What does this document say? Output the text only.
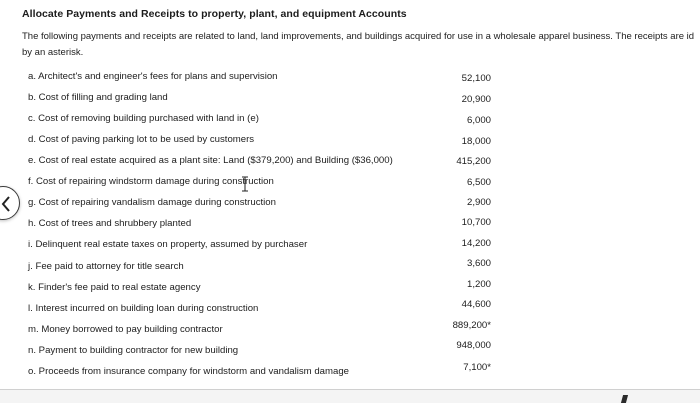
Allocate Payments and Receipts to property, plant, and equipment Accounts
The following payments and receipts are related to land, land improvements, and buildings acquired for use in a wholesale apparel business. The receipts are id
by an asterisk.
a. Architect's and engineer's fees for plans and supervision	52,100
b. Cost of filling and grading land	20,900
c. Cost of removing building purchased with land in (e)	6,000
d. Cost of paving parking lot to be used by customers	18,000
e. Cost of real estate acquired as a plant site: Land ($379,200) and Building ($36,000)	415,200
f. Cost of repairing windstorm damage during construction	6,500
g. Cost of repairing vandalism damage during construction	2,900
h. Cost of trees and shrubbery planted	10,700
i. Delinquent real estate taxes on property, assumed by purchaser	14,200
j. Fee paid to attorney for title search	3,600
k. Finder's fee paid to real estate agency	1,200
l. Interest incurred on building loan during construction	44,600
m. Money borrowed to pay building contractor	889,200*
n. Payment to building contractor for new building	948,000
o. Proceeds from insurance company for windstorm and vandalism damage	7,100*
